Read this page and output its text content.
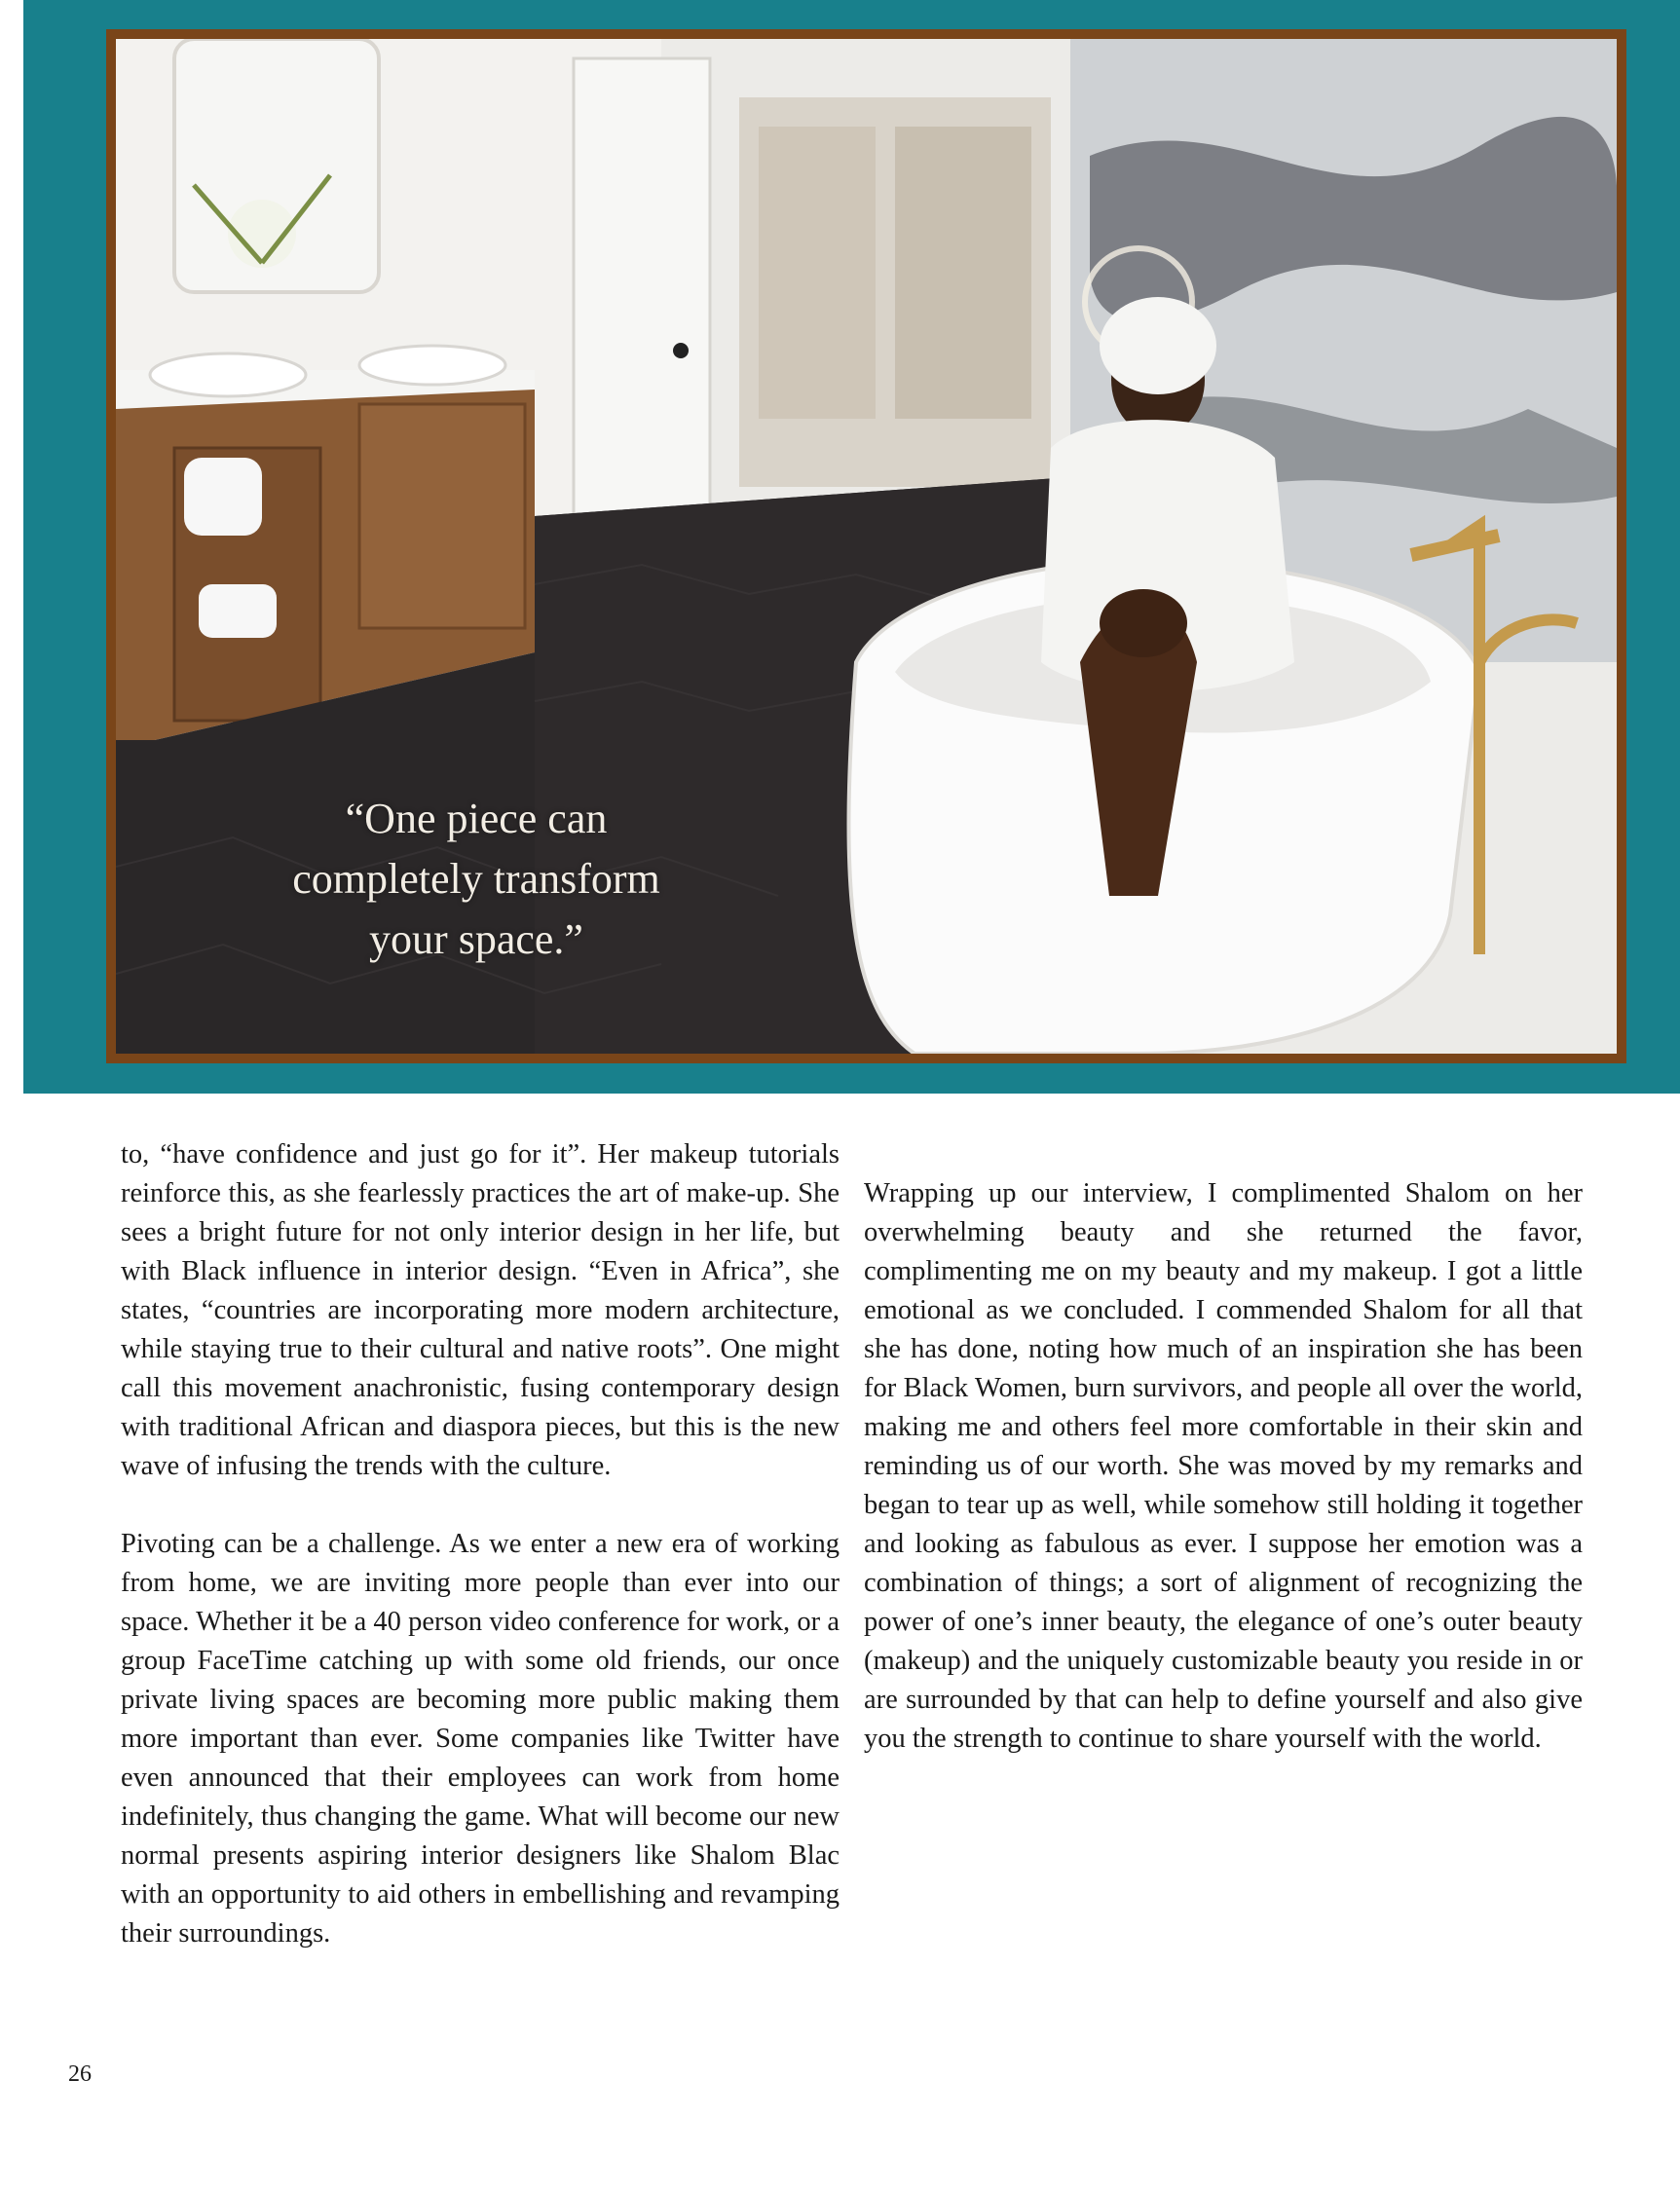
“One piece can completely transform your space.”

to, “have confidence and just go for it”. Her makeup tutorials reinforce this, as she fearlessly practices the art of make-up. She sees a bright future for not only interior design in her life, but with Black influence in interior design. “Even in Africa”, she states, “countries are incorporating more modern architecture, while staying true to their cultural and native roots”. One might call this movement anachronistic, fusing contemporary design with traditional African and diaspora pieces, but this is the new wave of infusing the trends with the culture.

Pivoting can be a challenge. As we enter a new era of working from home, we are inviting more people than ever into our space. Whether it be a 40 person video conference for work, or a group FaceTime catching up with some old friends, our once private living spaces are becoming more public making them more important than ever. Some companies like Twitter have even announced that their employees can work from home indefinitely, thus changing the game. What will become our new normal presents aspiring interior designers like Shalom Blac with an opportunity to aid others in embellishing and revamping their surroundings.

Wrapping up our interview, I complimented Shalom on her overwhelming beauty and she returned the favor, complimenting me on my beauty and my makeup. I got a little emotional as we concluded. I commended Shalom for all that she has done, noting how much of an inspiration she has been for Black Women, burn survivors, and people all over the world, making me and others feel more comfortable in their skin and reminding us of our worth. She was moved by my remarks and began to tear up as well, while somehow still holding it together and looking as fabulous as ever. I suppose her emotion was a combination of things; a sort of alignment of recognizing the power of one’s inner beauty, the elegance of one’s outer beauty (makeup) and the uniquely customizable beauty you reside in or are surrounded by that can help to define yourself and also give you the strength to continue to share yourself with the world.

26
